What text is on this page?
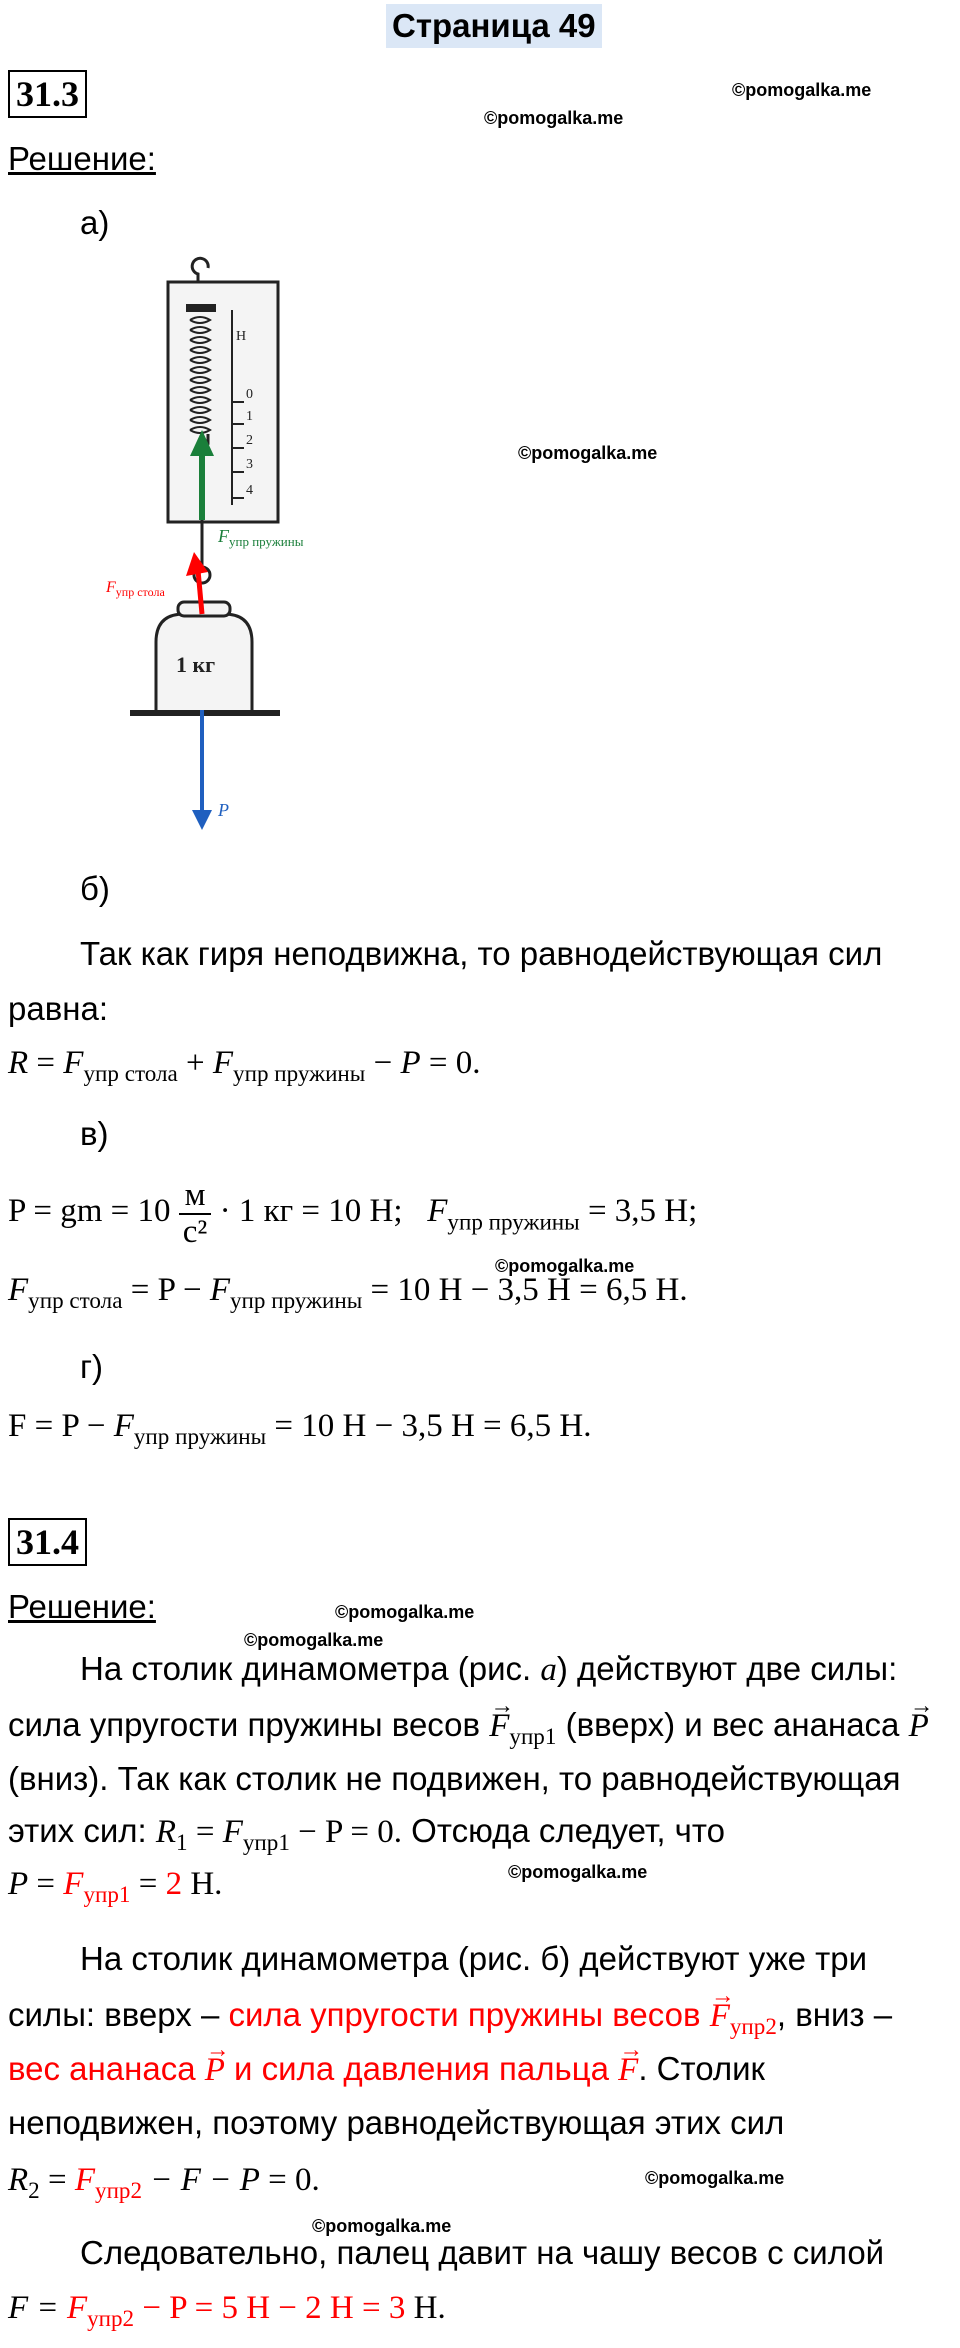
Страница 49
31.3	©pomogalka.me
©pomogalka.me
Решение:
а)
Н
0
1
2
3
4
1 кг
$F_{упр пружины}$
$F_{упр стола}$
P
©pomogalka.me
б)
Так как гиря неподвижна, то равнодействующая сил
равна:
$R = F_{упр стола} + F_{упр пружины} - P = 0$.
в)
P = gm = $10 \frac{м}{\text{с²}} \cdot 1$ кг = 10 Н; $F_{упр пружины} = 3,5$ Н;
©pomogalka.me
$F_{упр стола} = P - F_{упр пружины} = 10$ Н − 3,5 Н = 6,5 Н.
г)
$F = P - F_{упр пружины} = 10$ Н − 3,5 Н = 6,5 Н.
31.4
Решение:	©pomogalka.me
©pomogalka.me
На столик динамометра (рис. а) действуют две силы:
сила упругости пружины весов → $F_{упр1}$ (вверх) и вес ананаса → P
(вниз). Так как столик не подвижен, то равнодействующая
этих сил: $R_1 = F_{упр1} - P = 0$. Отсюда следует, что
©pomogalka.me
$P = F_{упр1} = 2$ Н.
На столик динамометра (рис. б) действуют уже три
силы: вверх – сила упругости пружины весов → $F_{упр2}$, вниз –
вес ананаса → P и сила давления пальца → F. Столик
неподвижен, поэтому равнодействующая этих сил
$R_2 = F_{упр2} - F - P = 0$.	©pomogalka.me
©pomogalka.me
Следовательно, палец давит на чашу весов с силой
$F = F_{упр2} - P = 5$ Н − 2 Н = 3 Н.
